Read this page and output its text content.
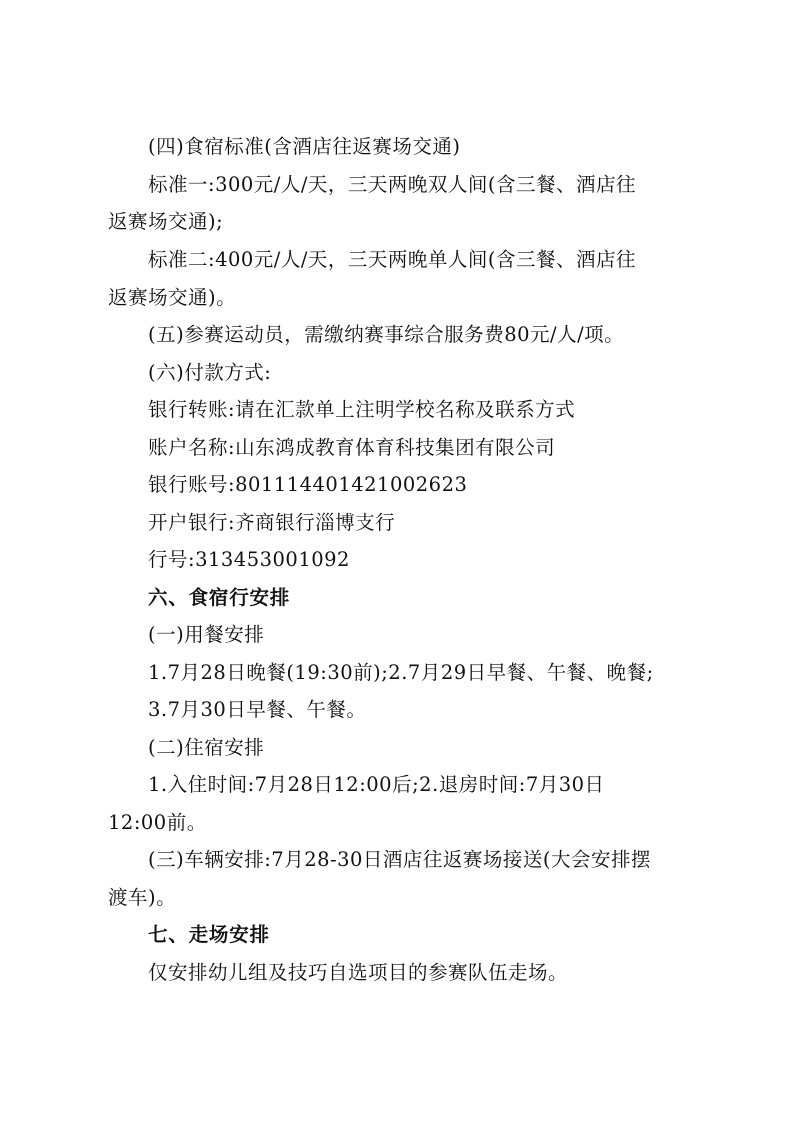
(四)食宿标准(含酒店往返赛场交通)
标准一:300元/人/天，三天两晚双人间(含三餐、酒店往
返赛场交通);
标准二:400元/人/天，三天两晚单人间(含三餐、酒店往
返赛场交通)。
(五)参赛运动员，需缴纳赛事综合服务费80元/人/项。
(六)付款方式:
银行转账:请在汇款单上注明学校名称及联系方式
账户名称:山东鸿成教育体育科技集团有限公司
银行账号:801114401421002623
开户银行:齐商银行淄博支行
行号:313453001092
六、食宿行安排
(一)用餐安排
1.7月28日晚餐(19:30前);2.7月29日早餐、午餐、晚餐;
3.7月30日早餐、午餐。
(二)住宿安排
1.入住时间:7月28日12:00后;2.退房时间:7月30日
12:00前。
(三)车辆安排:7月28-30日酒店往返赛场接送(大会安排摆
渡车)。
七、走场安排
仅安排幼儿组及技巧自选项目的参赛队伍走场。
